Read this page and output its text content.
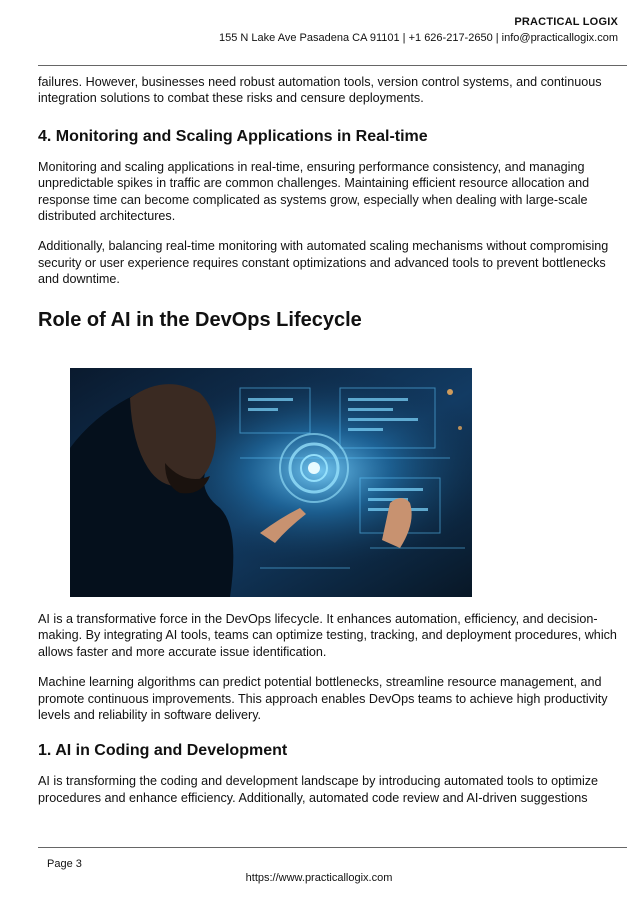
PRACTICAL LOGIX
155 N Lake Ave Pasadena CA 91101 | +1 626-217-2650 | info@practicallogix.com

failures. However, businesses need robust automation tools, version control systems, and continuous integration solutions to combat these risks and censure deployments.

4. Monitoring and Scaling Applications in Real-time

Monitoring and scaling applications in real-time, ensuring performance consistency, and managing unpredictable spikes in traffic are common challenges. Maintaining efficient resource allocation and response time can become complicated as systems grow, especially when dealing with large-scale distributed architectures.

Additionally, balancing real-time monitoring with automated scaling mechanisms without compromising security or user experience requires constant optimizations and advanced tools to prevent bottlenecks and downtime.

Role of AI in the DevOps Lifecycle

AI is a transformative force in the DevOps lifecycle. It enhances automation, efficiency, and decision-making. By integrating AI tools, teams can optimize testing, tracking, and deployment procedures, which allows faster and more accurate issue identification.

Machine learning algorithms can predict potential bottlenecks, streamline resource management, and promote continuous improvements. This approach enables DevOps teams to achieve high productivity levels and reliability in software delivery.

1. AI in Coding and Development

AI is transforming the coding and development landscape by introducing automated tools to optimize procedures and enhance efficiency. Additionally, automated code review and AI-driven suggestions

Page 3
https://www.practicallogix.com
